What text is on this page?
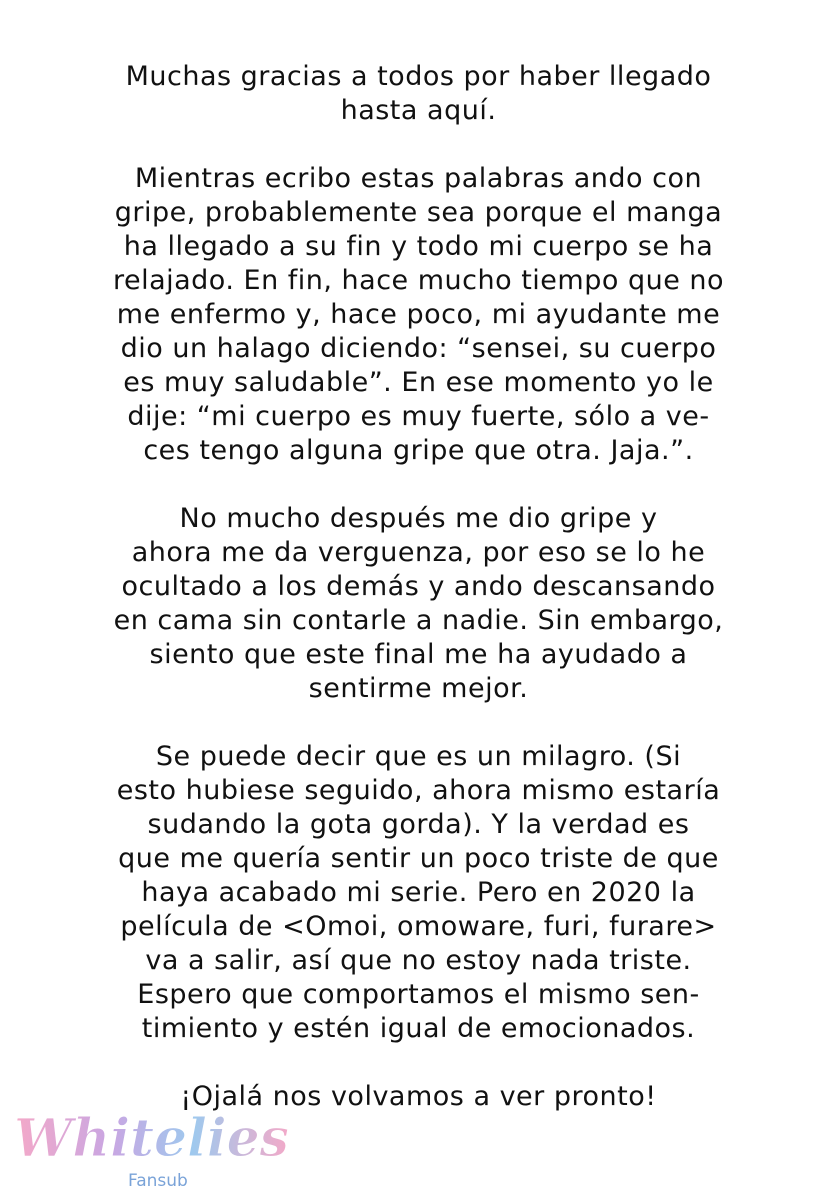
Muchas gracias a todos por haber llegado
hasta aquí.
Mientras ecribo estas palabras ando con
gripe, probablemente sea porque el manga
ha llegado a su fin y todo mi cuerpo se ha
relajado. En fin, hace mucho tiempo que no
me enfermo y, hace poco, mi ayudante me
dio un halago diciendo: “sensei, su cuerpo
es muy saludable”. En ese momento yo le
dije: “mi cuerpo es muy fuerte, sólo a ve-
ces tengo alguna gripe que otra. Jaja.”.
No mucho después me dio gripe y
ahora me da verguenza, por eso se lo he
ocultado a los demás y ando descansando
en cama sin contarle a nadie. Sin embargo,
siento que este final me ha ayudado a
sentirme mejor.
Se puede decir que es un milagro. (Si
esto hubiese seguido, ahora mismo estaría
sudando la gota gorda). Y la verdad es
que me quería sentir un poco triste de que
haya acabado mi serie. Pero en 2020 la
película de <Omoi, omoware, furi, furare>
va a salir, así que no estoy nada triste.
Espero que comportamos el mismo sen-
timiento y estén igual de emocionados.
¡Ojalá nos volvamos a ver pronto!
Whitelies
Fansub
